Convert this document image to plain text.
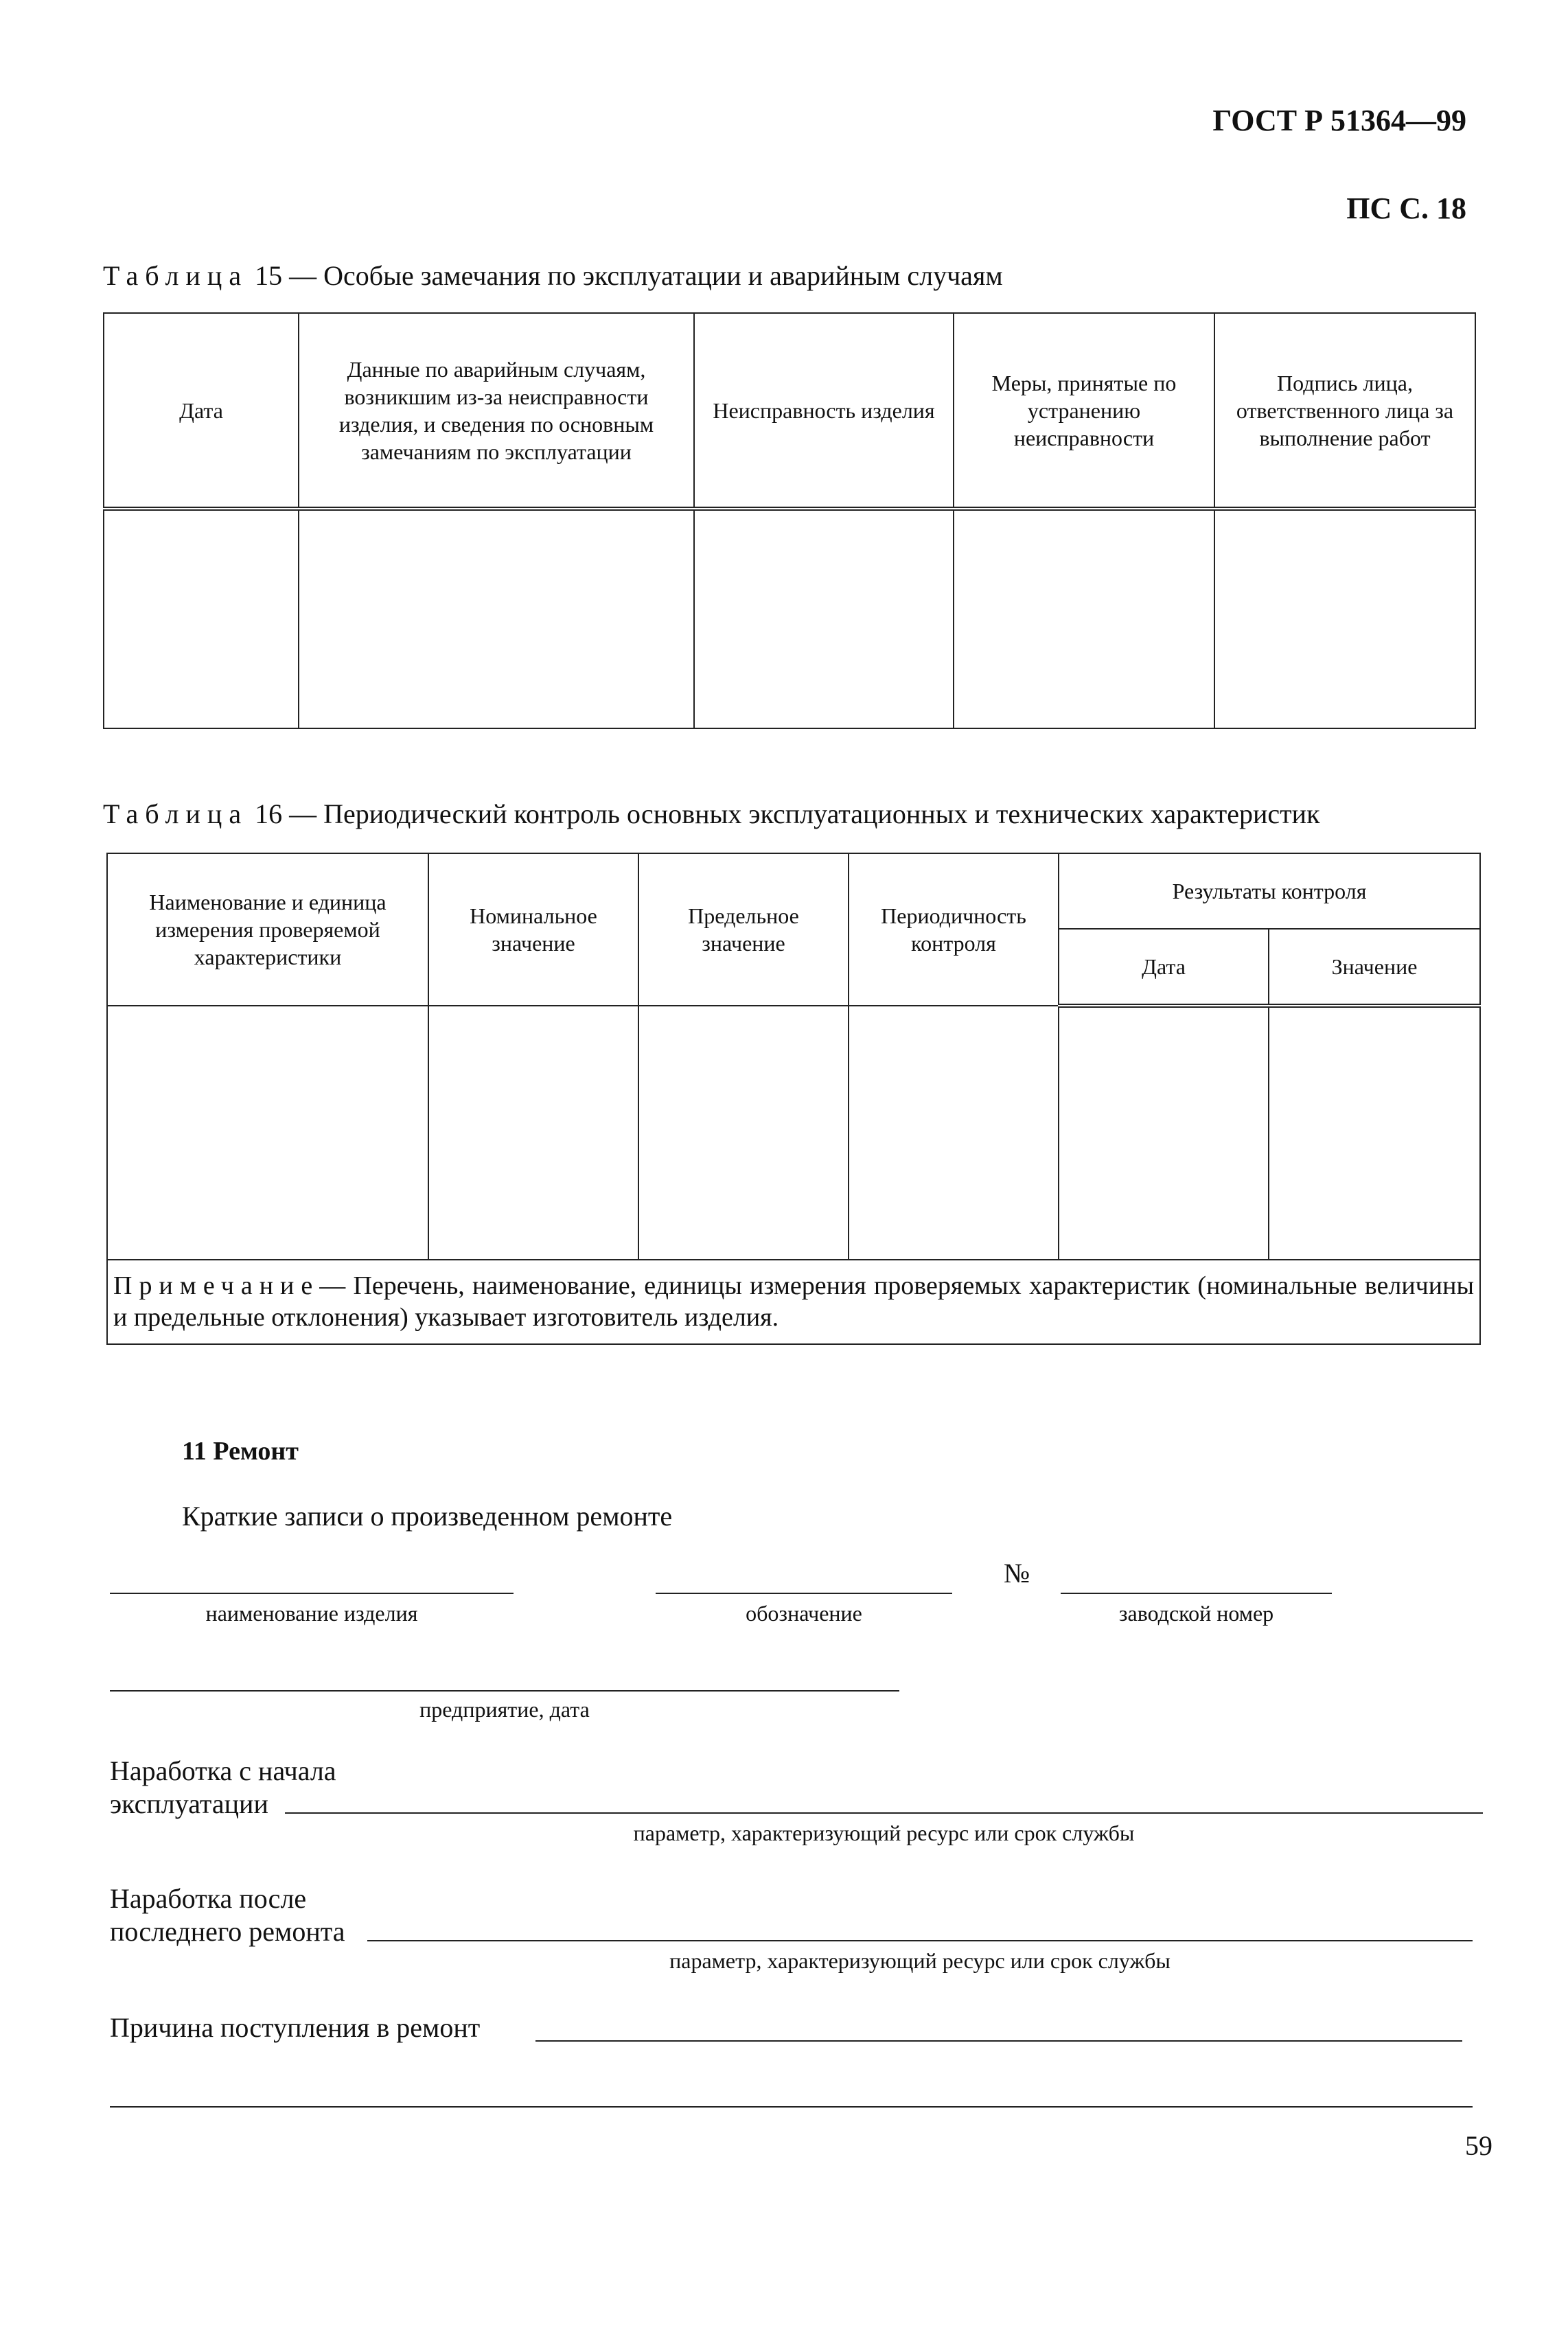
ГОСТ Р 51364—99
ПС С. 18
Таблица 15 — Особые замечания по эксплуатации и аварийным случаям
Дата	Данные по аварийным случаям, возникшим из-за неисправности изделия, и сведения по основным замечаниям по эксплуатации	Неисправность изделия	Меры, принятые по устранению неисправности	Подпись лица, ответственного лица за выполнение работ

Таблица 16 — Периодический контроль основных эксплуатационных и технических характеристик
Наименование и единица измерения проверяемой характеристики	Номинальное значение	Предельное значение	Периодичность контроля	Результаты контроля	
				Дата	Значение

Примечание— Перечень, наименование, единицы измерения проверяемых характеристик (номинальные величины и предельные отклонения) указывает изготовитель изделия.					
11 Ремонт
Краткие записи о произведенном ремонте
№
наименование изделия	обозначение	заводской номер
предприятие, дата
Наработка с начала
эксплуатации
параметр, характеризующий ресурс или срок службы
Наработка после
последнего ремонта
параметр, характеризующий ресурс или срок службы
Причина поступления в ремонт
59
